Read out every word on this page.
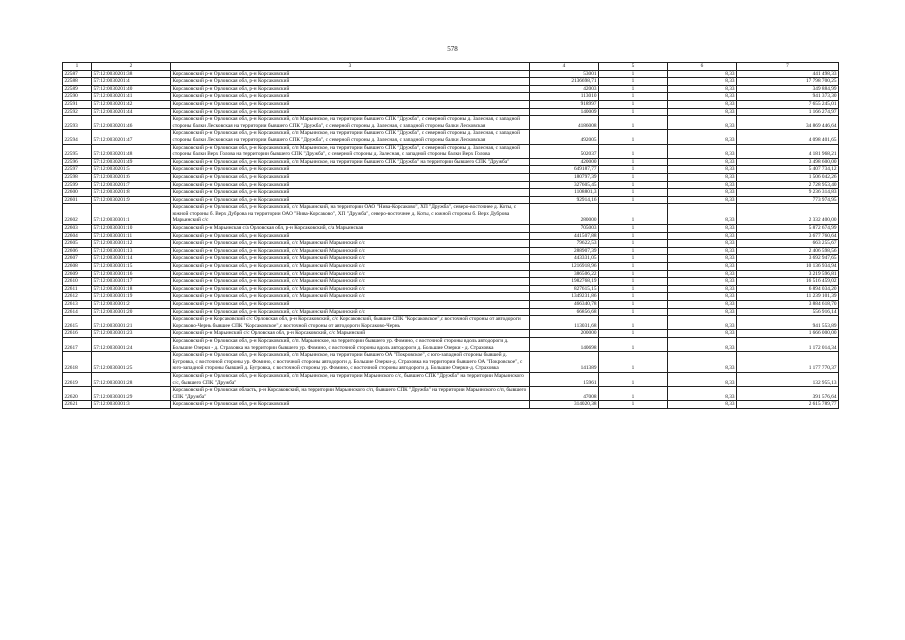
578
1	2	3	4	5	6	7
22587	57:12:0030201:38	Корсаковский р-н Орловская обл, р-н Корсаковский	53001	1	8,33	441 498,33
22588	57:12:0030201:4	Корсаковский р-н Орловская обл, р-н Корсаковский	2136698,71	1	8,33	17 798 700,25
22589	57:12:0030201:40	Корсаковский р-н Орловская обл, р-н Корсаковский	42003	1	8,33	349 884,99
22590	57:12:0030201:41	Корсаковский р-н Орловская обл, р-н Корсаковский	113010	1	8,33	941 373,30
22591	57:12:0030201:42	Корсаковский р-н Орловская обл, р-н Корсаковский	918997	1	8,33	7 655 245,01
22592	57:12:0030201:44	Корсаковский р-н Орловская обл, р-н Корсаковский	140009	1	8,33	1 166 274,97
22593	57:12:0030201:46	Корсаковский р-н Орловская обл, р-н Корсаковский, с/п Марьинское, на территории бывшего СПК "Дружба", с северной стороны д. Залесная, с западной стороны балки Лесковская на территории бывшего СПК "Дружба", с северной стороны д. Залесная, с западной стороны балки Лесковская	4186008	1	8,33	34 869 446,64
22594	57:12:0030201:47	Корсаковский р-н Орловская обл, р-н Корсаковский, с/п Марьинское, на территории бывшего СПК "Дружба", с северной стороны д. Залесная, с западной стороны балки Лесковская на территории бывшего СПК "Дружба", с северной стороны д. Залесная, с западной стороны балки Лесковская	492005	1	8,33	4 098 401,65
22595	57:12:0030201:48	Корсаковский р-н Орловская обл, р-н Корсаковский, с/п Марьинское, на территории бывшего СПК "Дружба", с северной стороны д. Залесная, с западной стороны балки Верх Голова на территории бывшего СПК "Дружба", с северной стороны д. Залесная, с западной стороны балки Верх Голова	502037	1	8,33	4 181 968,21
22596	57:12:0030201:49	Корсаковский р-н Орловская обл, р-н Корсаковский, с/п Марьинское, на территории бывшего СПК "Дружба" на территории бывшего СПК "Дружба"	420000	1	8,33	3 498 600,00
22597	57:12:0030201:5	Корсаковский р-н Орловская обл, р-н Корсаковский	649187,77	1	8,33	5 407 734,12
22598	57:12:0030201:6	Корсаковский р-н Орловская обл, р-н Корсаковский	180797,39	1	8,33	1 506 042,26
22599	57:12:0030201:7	Корсаковский р-н Орловская обл, р-н Корсаковский	327605,45	1	8,33	2 728 953,40
22600	57:12:0030201:8	Корсаковский р-н Орловская обл, р-н Корсаковский	1108801,3	1	8,33	9 236 314,83
22601	57:12:0030201:9	Корсаковский р-н Орловская обл, р-н Корсаковский	92914,16	1	8,33	773 974,95
22602	57:12:0030301:1	Корсаковский р-н Орловская обл, р-н Корсаковский, с/с Марьинский, на территории ОАО "Нива-Корсаково", ХП "Дружба", северо-восточнее д. Коты, с южной стороны б. Верх Дуброва на территории ОАО "Нива-Корсаково", ХП "Дружба", северо-восточнее д. Коты, с южной стороны б. Верх Дуброва Марьинский с/с	280000	1	8,33	2 332 400,00
22603	57:12:0030301:10	Корсаковский р-н Марьинская с/а Орловская обл, р-н Корсаковский, с/а Марьинская	705003	1	8,33	5 872 674,99
22604	57:12:0030301:11	Корсаковский р-н Орловская обл, р-н Корсаковский	441507,88	1	8,33	3 677 760,64
22605	57:12:0030301:12	Корсаковский р-н Орловская обл, р-н Корсаковский, с/с Марьинский Марьинский с/с	79622,53	1	8,33	663 255,67
22606	57:12:0030301:13	Корсаковский р-н Орловская обл, р-н Корсаковский, с/с Марьинский Марьинский с/с	288907,39	1	8,33	2 406 598,56
22607	57:12:0030301:14	Корсаковский р-н Орловская обл, р-н Корсаковский, с/с Марьинский Марьинский с/с	443331,05	1	8,33	3 692 947,65
22608	57:12:0030301:15	Корсаковский р-н Орловская обл, р-н Корсаковский, с/с Марьинский Марьинский с/с	1216918,96	1	8,33	10 136 934,94
22609	57:12:0030301:16	Корсаковский р-н Орловская обл, р-н Корсаковский, с/с Марьинский Марьинский с/с	386506,22	1	8,33	3 219 596,81
22610	57:12:0030301:17	Корсаковский р-н Орловская обл, р-н Корсаковский, с/с Марьинский Марьинский с/с	1982768,19	1	8,33	16 516 459,02
22611	57:12:0030301:18	Корсаковский р-н Орловская обл, р-н Корсаковский, с/с Марьинский Марьинский с/с	827615,15	1	8,33	6 894 034,20
22612	57:12:0030301:19	Корсаковский р-н Орловская обл, р-н Корсаковский, с/с Марьинский Марьинский с/с	1349231,86	1	8,33	11 239 101,39
22613	57:12:0030301:2	Корсаковский р-н Орловская обл, р-н Корсаковский	466340,78	1	8,33	3 884 618,70
22614	57:12:0030301:20	Корсаковский р-н Орловская обл, р-н Корсаковский, с/с Марьинский Марьинский с/с	66856,68	1	8,33	556 916,14
22615	57:12:0030301:21	Корсаковский р-н Корсаковский с/с Орловская обл, р-н Корсаковский, с/с Корсаковский, бывшее СПК "Корсаковское",с восточной стороны от автодороги Корсаково-Чернь бывшее СПК "Корсаковское",с восточной стороны от автодороги Корсаково-Чернь	113031,68	1	8,33	941 553,89
22616	57:12:0030301:23	Корсаковский р-н Марьинский с/с Орловская обл, р-н Корсаковский, с/с Марьинский	200000	1	8,33	1 666 000,00
22617	57:12:0030301:24	Корсаковский р-н Орловская обл, р-н Корсаковский, с/п. Марьинское, на территории бывшего ур. Фомино, с восточной стороны вдоль автодороги д. Большие Озерки - д. Страховка на территории бывшего ур. Фомино, с восточной стороны вдоль автодороги д. Большие Озерки - д. Страховка	140698	1	8,33	1 172 014,34
22618	57:12:0030301:25	Корсаковский р-н Орловская обл, р-н Корсаковский, с/п Марьинское, на территории бывшего ОА "Покровское", с юго-западной стороны бывшей д. Бугровка, с восточной стороны ур. Фомино, с восточной стороны автодороги д. Большие Озерки-д. Страховка на территории бывшего ОА "Покровское", с юго-западной стороны бывшей д. Бугровка, с восточной стороны ур. Фомино, с восточной стороны автодороги д. Большие Озерки-д. Страховка	141389	1	8,33	1 177 770,37
22619	57:12:0030301:28	Корсаковский р-н Орловская обл, р-н Корсаковский, с/п Марьинское, на территории Марьинского с/с, бывшего СПК "Дружба" на территории Марьинского с/с, бывшего СПК "Дружба"	15961	1	8,33	132 955,13
22620	57:12:0030301:29	Корсаковский р-н Орловская область, р-н Корсаковский, на территории Марьинского с/п, бывшего СПК "Дружба" на территории Марьинского с/п, бывшего СПК "Дружба"	47008	1	8,33	391 576,64
22621	57:12:0030301:3	Корсаковский р-н Орловская обл, р-н Корсаковский	314020,38	1	8,33	2 615 789,77
